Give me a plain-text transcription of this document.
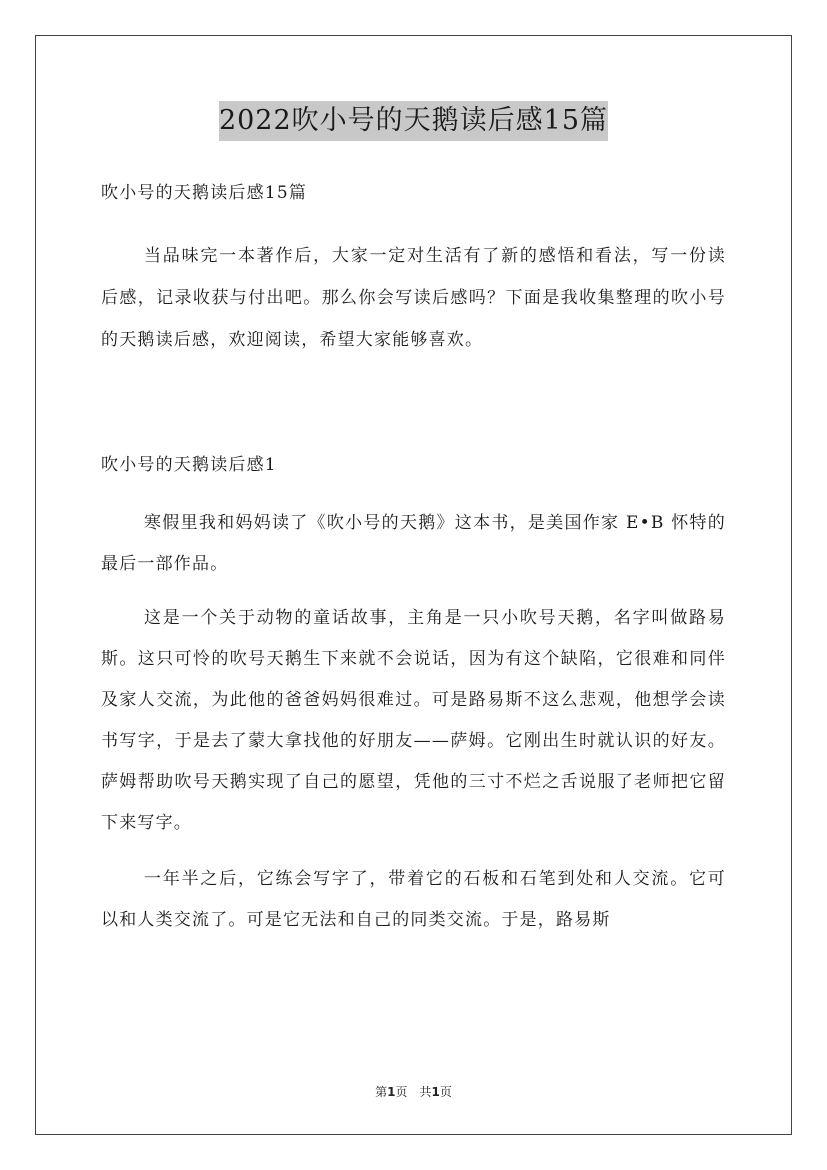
2022吹小号的天鹅读后感15篇
吹小号的天鹅读后感15篇
当品味完一本著作后，大家一定对生活有了新的感悟和看法，写一份读后感，记录收获与付出吧。那么你会写读后感吗？下面是我收集整理的吹小号的天鹅读后感，欢迎阅读，希望大家能够喜欢。
吹小号的天鹅读后感1

寒假里我和妈妈读了《吹小号的天鹅》这本书，是美国作家 E•B 怀特的最后一部作品。

这是一个关于动物的童话故事，主角是一只小吹号天鹅，名字叫做路易斯。这只可怜的吹号天鹅生下来就不会说话，因为有这个缺陷，它很难和同伴及家人交流，为此他的爸爸妈妈很难过。可是路易斯不这么悲观，他想学会读书写字，于是去了蒙大拿找他的好朋友——萨姆。它刚出生时就认识的好友。萨姆帮助吹号天鹅实现了自己的愿望，凭他的三寸不烂之舌说服了老师把它留下来写字。

一年半之后，它练会写字了，带着它的石板和石笔到处和人交流。它可以和人类交流了。可是它无法和自己的同类交流。于是，路易斯

第1页 共1页
